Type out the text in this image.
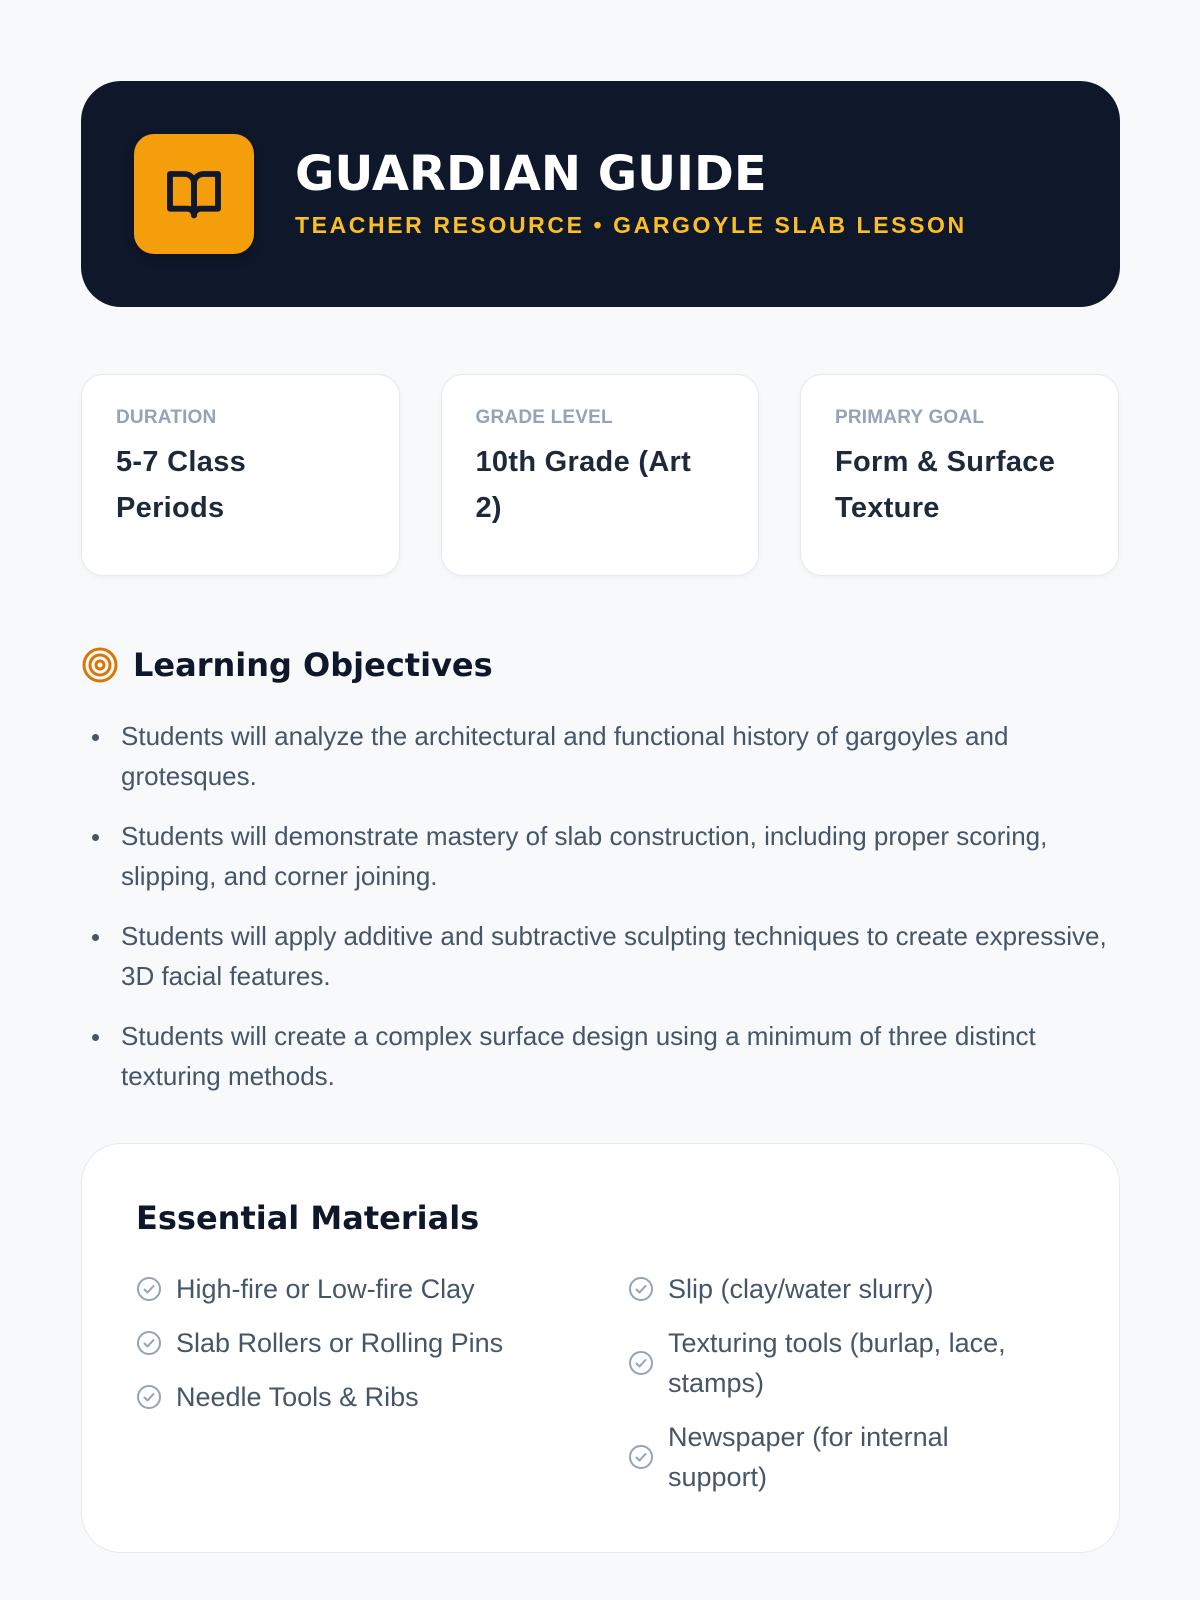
GUARDIAN GUIDE
TEACHER RESOURCE • GARGOYLE SLAB LESSON
DURATION
5-7 Class Periods
GRADE LEVEL
10th Grade (Art 2)
PRIMARY GOAL
Form & Surface Texture
Learning Objectives
Students will analyze the architectural and functional history of gargoyles and grotesques.
Students will demonstrate mastery of slab construction, including proper scoring, slipping, and corner joining.
Students will apply additive and subtractive sculpting techniques to create expressive, 3D facial features.
Students will create a complex surface design using a minimum of three distinct texturing methods.
Essential Materials
High-fire or Low-fire Clay
Slab Rollers or Rolling Pins
Needle Tools & Ribs
Slip (clay/water slurry)
Texturing tools (burlap, lace, stamps)
Newspaper (for internal support)
